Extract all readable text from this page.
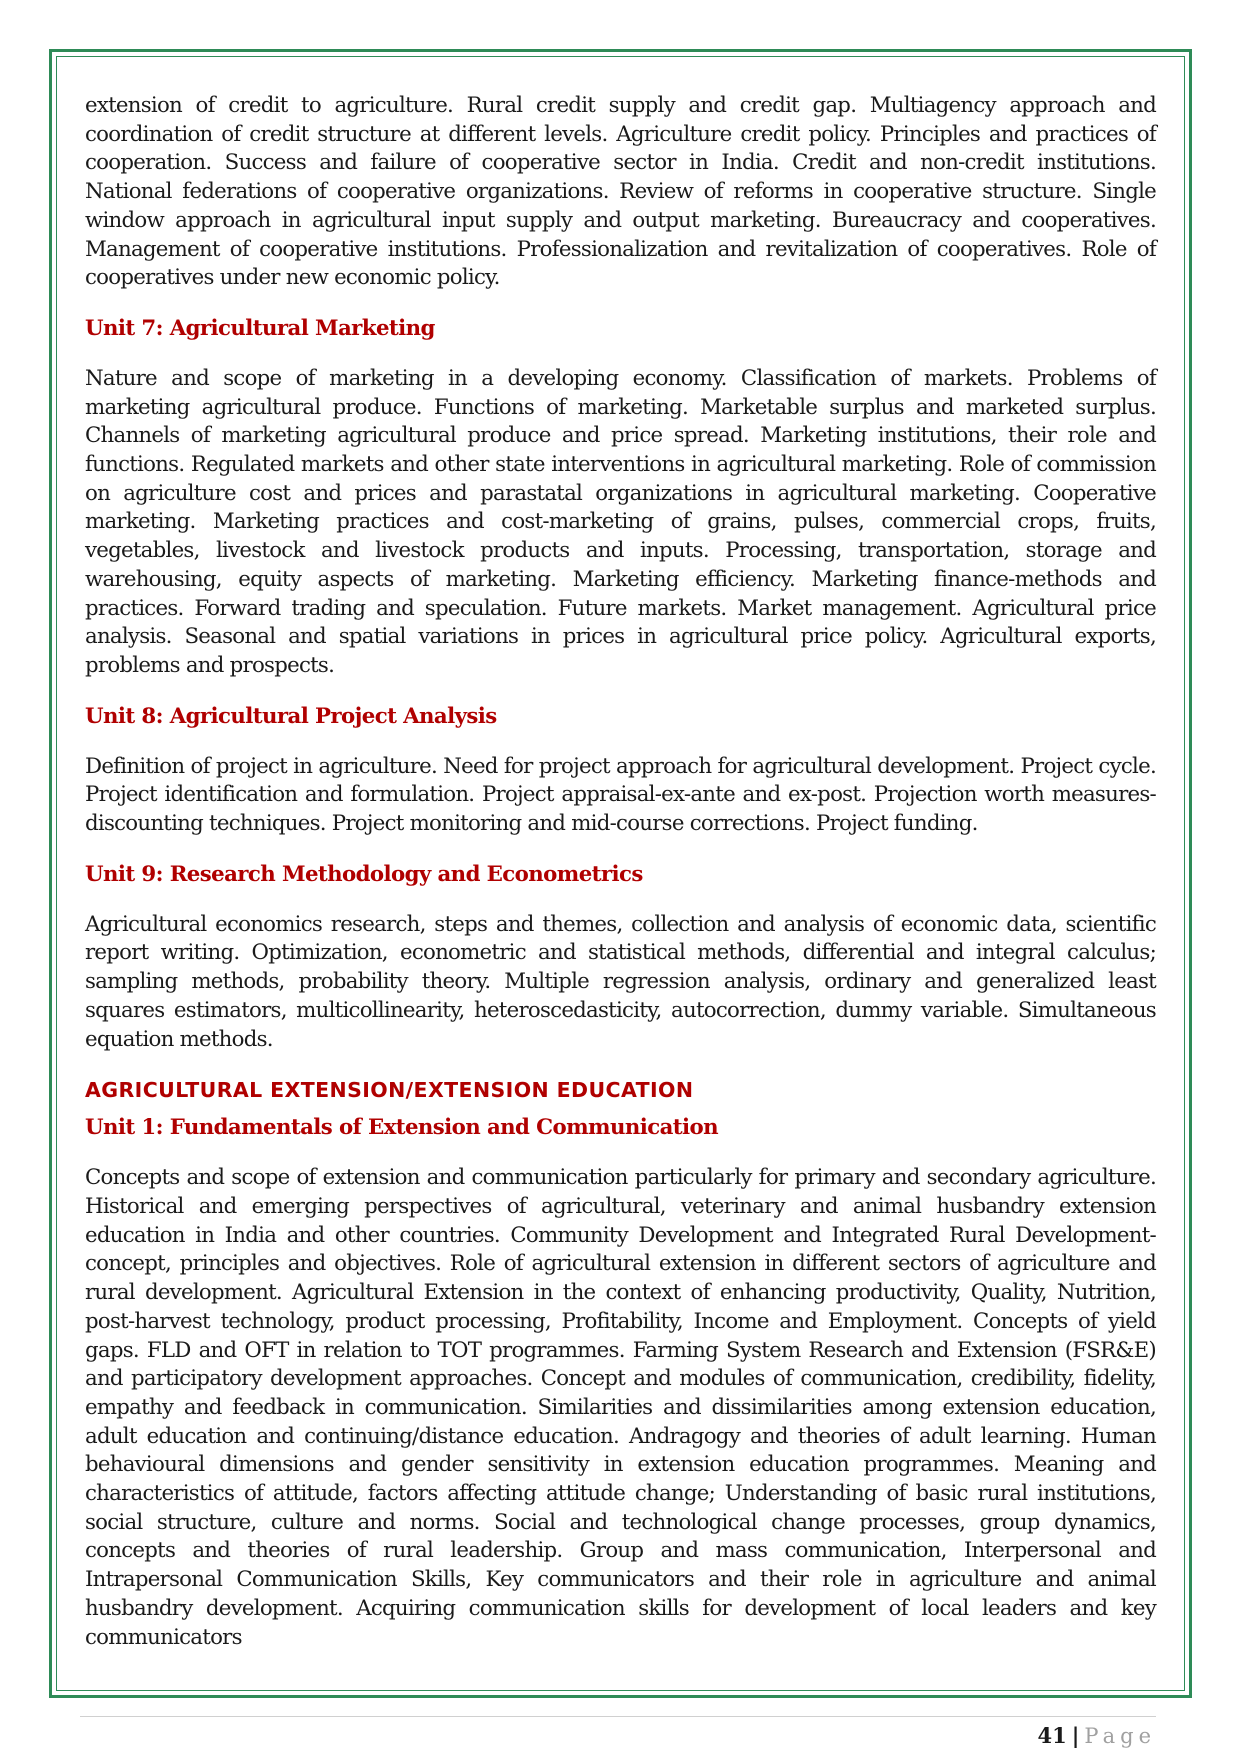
extension of credit to agriculture. Rural credit supply and credit gap. Multiagency approach and coordination of credit structure at different levels. Agriculture credit policy. Principles and practices of cooperation. Success and failure of cooperative sector in India. Credit and non-credit institutions. National federations of cooperative organizations. Review of reforms in cooperative structure. Single window approach in agricultural input supply and output marketing. Bureaucracy and cooperatives. Management of cooperative institutions. Professionalization and revitalization of cooperatives. Role of cooperatives under new economic policy.

Unit 7: Agricultural Marketing

Nature and scope of marketing in a developing economy. Classification of markets. Problems of marketing agricultural produce. Functions of marketing. Marketable surplus and marketed surplus. Channels of marketing agricultural produce and price spread. Marketing institutions, their role and functions. Regulated markets and other state interventions in agricultural marketing. Role of commission on agriculture cost and prices and parastatal organizations in agricultural marketing. Cooperative marketing. Marketing practices and cost-marketing of grains, pulses, commercial crops, fruits, vegetables, livestock and livestock products and inputs. Processing, transportation, storage and warehousing, equity aspects of marketing. Marketing efficiency. Marketing finance-methods and practices. Forward trading and speculation. Future markets. Market management. Agricultural price analysis. Seasonal and spatial variations in prices in agricultural price policy. Agricultural exports, problems and prospects.

Unit 8: Agricultural Project Analysis

Definition of project in agriculture. Need for project approach for agricultural development. Project cycle. Project identification and formulation. Project appraisal-ex-ante and ex-post. Projection worth measures-discounting techniques. Project monitoring and mid-course corrections. Project funding.

Unit 9: Research Methodology and Econometrics

Agricultural economics research, steps and themes, collection and analysis of economic data, scientific report writing. Optimization, econometric and statistical methods, differential and integral calculus; sampling methods, probability theory. Multiple regression analysis, ordinary and generalized least squares estimators, multicollinearity, heteroscedasticity, autocorrection, dummy variable. Simultaneous equation methods.

AGRICULTURAL EXTENSION/EXTENSION EDUCATION
Unit 1: Fundamentals of Extension and Communication

Concepts and scope of extension and communication particularly for primary and secondary agriculture. Historical and emerging perspectives of agricultural, veterinary and animal husbandry extension education in India and other countries. Community Development and Integrated Rural Development-concept, principles and objectives. Role of agricultural extension in different sectors of agriculture and rural development. Agricultural Extension in the context of enhancing productivity, Quality, Nutrition, post-harvest technology, product processing, Profitability, Income and Employment. Concepts of yield gaps. FLD and OFT in relation to TOT programmes. Farming System Research and Extension (FSR&E) and participatory development approaches. Concept and modules of communication, credibility, fidelity, empathy and feedback in communication. Similarities and dissimilarities among extension education, adult education and continuing/distance education. Andragogy and theories of adult learning. Human behavioural dimensions and gender sensitivity in extension education programmes. Meaning and characteristics of attitude, factors affecting attitude change; Understanding of basic rural institutions, social structure, culture and norms. Social and technological change processes, group dynamics, concepts and theories of rural leadership. Group and mass communication, Interpersonal and Intrapersonal Communication Skills, Key communicators and their role in agriculture and animal husbandry development. Acquiring communication skills for development of local leaders and key communicators

41 | Page
